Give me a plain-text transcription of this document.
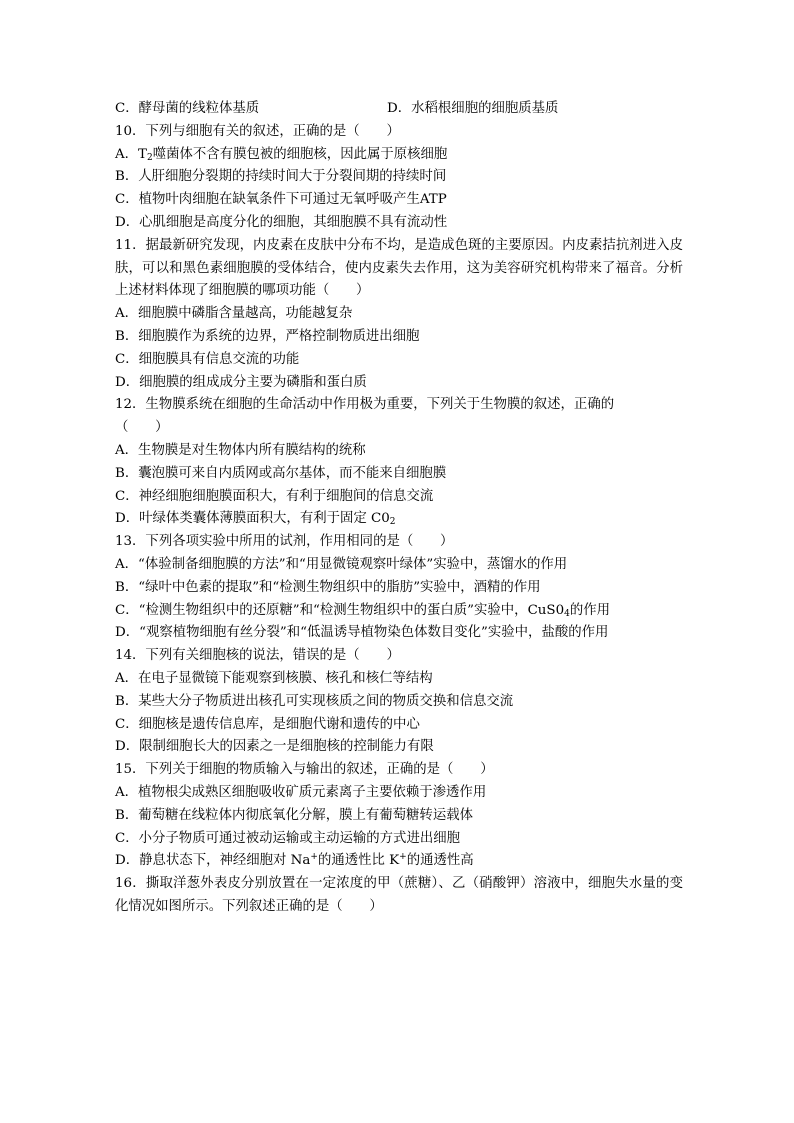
C．酵母菌的线粒体基质	D．水稻根细胞的细胞质基质
10．下列与细胞有关的叙述，正确的是（　　）
A．$T_2$噬菌体不含有膜包被的细胞核，因此属于原核细胞
B．人肝细胞分裂期的持续时间大于分裂间期的持续时间
C．植物叶肉细胞在缺氧条件下可通过无氧呼吸产生ATP
D．心肌细胞是高度分化的细胞，其细胞膜不具有流动性
11．据最新研究发现，内皮素在皮肤中分布不均，是造成色斑的主要原因。内皮素拮抗剂进入皮肤，可以和黑色素细胞膜的受体结合，使内皮素失去作用，这为美容研究机构带来了福音。分析上述材料体现了细胞膜的哪项功能（　　）
A．细胞膜中磷脂含量越高，功能越复杂
B．细胞膜作为系统的边界，严格控制物质进出细胞
C．细胞膜具有信息交流的功能
D．细胞膜的组成成分主要为磷脂和蛋白质
12．生物膜系统在细胞的生命活动中作用极为重要，下列关于生物膜的叙述，正确的
（　　）
A．生物膜是对生物体内所有膜结构的统称
B．囊泡膜可来自内质网或高尔基体，而不能来自细胞膜
C．神经细胞细胞膜面积大，有利于细胞间的信息交流
D．叶绿体类囊体薄膜面积大，有利于固定 $C0_2$
13．下列各项实验中所用的试剂，作用相同的是（　　）
A．“体验制备细胞膜的方法”和“用显微镜观察叶绿体”实验中，蒸馏水的作用
B．“绿叶中色素的提取”和“检测生物组织中的脂肪”实验中，酒精的作用
C．“检测生物组织中的还原糖”和“检测生物组织中的蛋白质”实验中，$CuS0_4$的作用
D．“观察植物细胞有丝分裂”和“低温诱导植物染色体数目变化”实验中，盐酸的作用
14．下列有关细胞核的说法，错误的是（　　）
A．在电子显微镜下能观察到核膜、核孔和核仁等结构
B．某些大分子物质进出核孔可实现核质之间的物质交换和信息交流
C．细胞核是遗传信息库，是细胞代谢和遗传的中心
D．限制细胞长大的因素之一是细胞核的控制能力有限
15．下列关于细胞的物质输入与输出的叙述，正确的是（　　）
A．植物根尖成熟区细胞吸收矿质元素离子主要依赖于渗透作用
B．葡萄糖在线粒体内彻底氧化分解，膜上有葡萄糖转运载体
C．小分子物质可通过被动运输或主动运输的方式进出细胞
D．静息状态下，神经细胞对 Na+的通透性比 K+的通透性高
16．撕取洋葱外表皮分别放置在一定浓度的甲（蔗糖）、乙（硝酸钾）溶液中，细胞失水量的变化情况如图所示。下列叙述正确的是（　　）
